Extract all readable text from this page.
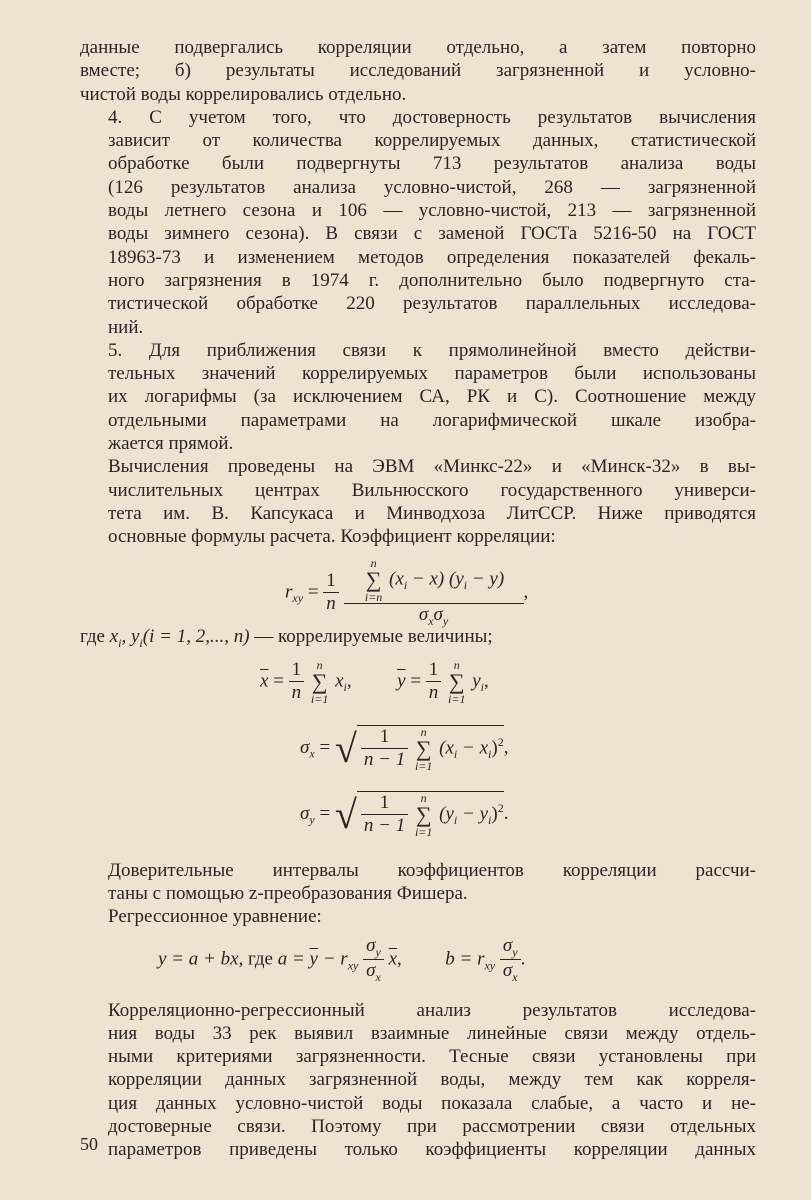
данные подвергались корреляции отдельно, а затем повторно
вместе; б) результаты исследований загрязненной и условно-
чистой воды коррелировались отдельно.

4. С учетом того, что достоверность результатов вычисления
зависит от количества коррелируемых данных, статистической
обработке были подвергнуты 713 результатов анализа воды
(126 результатов анализа условно-чистой, 268 — загрязненной
воды летнего сезона и 106 — условно-чистой, 213 — загрязненной
воды зимнего сезона). В связи с заменой ГОСТа 5216-50 на ГОСТ
18963-73 и изменением методов определения показателей фекаль-
ного загрязнения в 1974 г. дополнительно было подвергнуто ста-
тистической обработке 220 результатов параллельных исследова-
ний.

5. Для приближения связи к прямолинейной вместо действи-
тельных значений коррелируемых параметров были использованы
их логарифмы (за исключением СА, РК и С). Соотношение между
отдельными параметрами на логарифмической шкале изобра-
жается прямой.

Вычисления проведены на ЭВМ «Минкс-22» и «Минск-32» в вы-
числительных центрах Вильнюсского государственного универси-
тета им. В. Капсукаса и Минводхоза ЛитССР. Ниже приводятся
основные формулы расчета. Коэффициент корреляции:

$r_{xy} = \frac{1}{n}$

n
∑
i=n
$(x_i - x) (y_i - y)$
$\sigma_x\sigma_y$
,

где $x_i$, $y_i(i = 1$, 2,..., n) — коррелируемые величины;

$\overline{x} = \frac{1}{n}$
	n
∑
i=1
$x_i$, $\overline{y} = \frac{1}{n}$
	n
∑
i=1
$y_i$,
$\sigma_x$ = √ $\frac{1}{n - 1}$
	n
∑
i=1
$(x_i - x_i)^2$,
$\sigma_y$ = √ $\frac{1}{n - 1}$
	n
∑
i=1
$(y_i - y_i)^2$.

Доверительные интервалы коэффициентов корреляции рассчи-
таны с помощью z-преобразования Фишера.

Регрессионное уравнение:

y = a + bx, где $a = \overline{y} - r_{xy} \frac{\sigma_y}{\sigma_x} \overline{x}$, $b = r_{xy} \frac{\sigma_y}{\sigma_x}$ .

Корреляционно-регрессионный анализ результатов исследова-
ния воды 33 рек выявил взаимные линейные связи между отдель-
ными критериями загрязненности. Тесные связи установлены при
корреляции данных загрязненной воды, между тем как корреля-
ция данных условно-чистой воды показала слабые, а часто и не-
достоверные связи. Поэтому при рассмотрении связи отдельных
параметров приведены только коэффициенты корреляции данных

50
